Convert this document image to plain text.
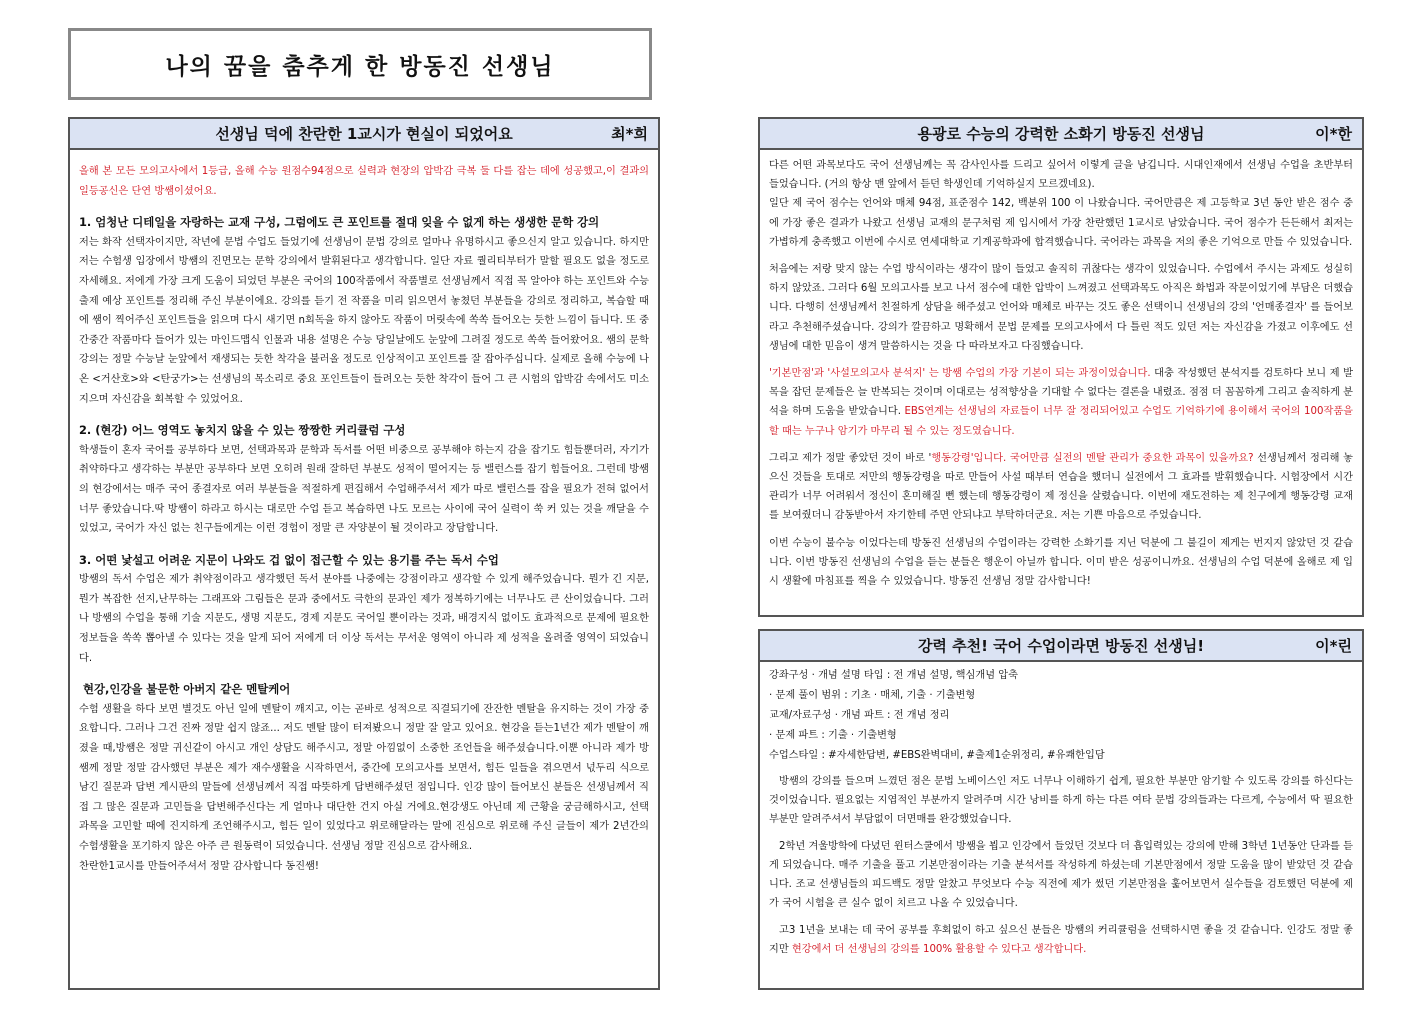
나의 꿈을 춤추게 한 방동진 선생님
선생님 덕에 찬란한 1교시가 현실이 되었어요	최*희

올해 본 모든 모의고사에서 1등급, 올해 수능 원점수94점으로 실력과 현장의 압박감 극복 둘 다를 잡는 데에 성공했고,이 결과의 일등공신은 단연 방쌤이셨어요.

1. 엄청난 디테일을 자랑하는 교재 구성, 그럼에도 큰 포인트를 절대 잊을 수 없게 하는 생생한 문학 강의

저는 화작 선택자이지만, 작년에 문법 수업도 들었기에 선생님이 문법 강의로 얼마나 유명하시고 좋으신지 알고 있습니다. 하지만 저는 수험생 입장에서 방쌤의 진면모는 문학 강의에서 발휘된다고 생각합니다. 일단 자료 퀄리티부터가 말할 필요도 없을 정도로 자세해요. 저에게 가장 크게 도움이 되었던 부분은 국어의 100작품에서 작품별로 선생님께서 직접 꼭 알아야 하는 포인트와 수능 출제 예상 포인트를 정리해 주신 부분이에요. 강의를 듣기 전 작품을 미리 읽으면서 놓쳤던 부분들을 강의로 정리하고, 복습할 때에 쌤이 찍어주신 포인트들을 읽으며 다시 새기면 n회독을 하지 않아도 작품이 머릿속에 쏙쏙 들어오는 듯한 느낌이 듭니다. 또 중간중간 작품마다 들어가 있는 마인드맵식 인물과 내용 설명은 수능 당일날에도 눈앞에 그려질 정도로 쏙쏙 들어왔어요. 쌤의 문학 강의는 정말 수능날 눈앞에서 재생되는 듯한 착각을 불러올 정도로 인상적이고 포인트를 잘 잡아주십니다. 실제로 올해 수능에 나온 <거산호>와 <탄궁가>는 선생님의 목소리로 중요 포인트들이 들려오는 듯한 착각이 들어 그 큰 시험의 압박감 속에서도 미소지으며 자신감을 회복할 수 있었어요.

2. (현강) 어느 영역도 놓치지 않을 수 있는 짱짱한 커리큘럼 구성

학생들이 혼자 국어를 공부하다 보면, 선택과목과 문학과 독서를 어떤 비중으로 공부해야 하는지 감을 잡기도 힘들뿐더러, 자기가 취약하다고 생각하는 부분만 공부하다 보면 오히려 원래 잘하던 부분도 성적이 떨어지는 등 밸런스를 잡기 힘들어요. 그런데 방쌤의 현강에서는 매주 국어 종결자로 여러 부분들을 적절하게 편집해서 수업해주셔서 제가 따로 밸런스를 잡을 필요가 전혀 없어서 너무 좋았습니다.딱 방쌤이 하라고 하시는 대로만 수업 듣고 복습하면 나도 모르는 사이에 국어 실력이 쑥 커 있는 것을 깨달을 수 있었고, 국어가 자신 없는 친구들에게는 이런 경험이 정말 큰 자양분이 될 것이라고 장담합니다.

3. 어떤 낯설고 어려운 지문이 나와도 겁 없이 접근할 수 있는 용기를 주는 독서 수업

방쌤의 독서 수업은 제가 취약점이라고 생각했던 독서 분야를 나중에는 강점이라고 생각할 수 있게 해주었습니다. 뭔가 긴 지문,뭔가 복잡한 선지,난무하는 그래프와 그림들은 문과 중에서도 극한의 문과인 제가 정복하기에는 너무나도 큰 산이었습니다. 그러나 방쌤의 수업을 통해 기술 지문도, 생명 지문도, 경제 지문도 국어일 뿐이라는 것과, 배경지식 없이도 효과적으로 문제에 필요한 정보들을 쏙쏙 뽑아낼 수 있다는 것을 알게 되어 저에게 더 이상 독서는 무서운 영역이 아니라 제 성적을 올려줄 영역이 되었습니다.

현강,인강을 불문한 아버지 같은 멘탈케어

수험 생활을 하다 보면 별것도 아닌 일에 멘탈이 깨지고, 이는 곧바로 성적으로 직결되기에 잔잔한 멘탈을 유지하는 것이 가장 중요합니다. 그러나 그건 진짜 정말 쉽지 않죠... 저도 멘탈 많이 터져봤으니 정말 잘 알고 있어요. 현강을 듣는1년간 제가 멘탈이 깨졌을 때,방쌤은 정말 귀신같이 아시고 개인 상담도 해주시고, 정말 아낌없이 소중한 조언들을 해주셨습니다.이뿐 아니라 제가 방쌤께 정말 정말 감사했던 부분은 제가 재수생활을 시작하면서, 중간에 모의고사를 보면서, 힘든 일들을 겪으면서 넋두리 식으로 남긴 질문과 답변 게시판의 말들에 선생님께서 직접 따뜻하게 답변해주셨던 점입니다. 인강 많이 들어보신 분들은 선생님께서 직접 그 많은 질문과 고민들을 답변해주신다는 게 얼마나 대단한 건지 아실 거에요.현강생도 아닌데 제 근황을 궁금해하시고, 선택과목을 고민할 때에 진지하게 조언해주시고, 힘든 일이 있었다고 위로해달라는 말에 진심으로 위로해 주신 글들이 제가 2년간의 수험생활을 포기하지 않은 아주 큰 원동력이 되었습니다. 선생님 정말 진심으로 감사해요.

찬란한1교시를 만들어주셔서 정말 감사합니다 동진쌤!

용광로 수능의 강력한 소화기 방동진 선생님	이*한

다른 어떤 과목보다도 국어 선생님께는 꼭 감사인사를 드리고 싶어서 이렇게 글을 남깁니다. 시대인재에서 선생님 수업을 초반부터 들었습니다. (거의 항상 맨 앞에서 듣던 학생인데 기억하실지 모르겠네요).

일단 제 국어 점수는 언어와 매체 94점, 표준점수 142, 백분위 100 이 나왔습니다. 국어만큼은 제 고등학교 3년 동안 받은 점수 중에 가장 좋은 결과가 나왔고 선생님 교재의 문구처럼 제 입시에서 가장 찬란했던 1교시로 남았습니다. 국어 점수가 든든해서 최저는 가볍하게 충족했고 이번에 수시로 연세대학교 기계공학과에 합격했습니다. 국어라는 과목을 저의 좋은 기억으로 만들 수 있었습니다.

처음에는 저랑 맞지 않는 수업 방식이라는 생각이 많이 들었고 솔직히 귀찮다는 생각이 있었습니다. 수업에서 주시는 과제도 성실히 하지 않았죠. 그러다 6월 모의고사를 보고 나서 점수에 대한 압박이 느껴졌고 선택과목도 아직은 화법과 작문이었기에 부담은 더했습니다. 다행히 선생님께서 친절하게 상담을 해주셨고 언어와 매체로 바꾸는 것도 좋은 선택이니 선생님의 강의 '언매종결자' 를 들어보라고 추천해주셨습니다. 강의가 깔끔하고 명확해서 문법 문제를 모의고사에서 다 틀린 적도 있던 저는 자신감을 가졌고 이후에도 선생님에 대한 믿음이 생겨 말씀하시는 것을 다 따라보자고 다짐했습니다.

'기본만점'과 '사설모의고사 분석지' 는 방쌤 수업의 가장 기본이 되는 과정이었습니다. 대충 작성했던 분석지를 검토하다 보니 제 발목을 잡던 문제들은 늘 반복되는 것이며 이대로는 성적향상을 기대할 수 없다는 결론을 내렸죠. 점점 더 꼼꼼하게 그리고 솔직하게 분석을 하며 도움을 받았습니다. EBS연계는 선생님의 자료들이 너무 잘 정리되어있고 수업도 기억하기에 용이해서 국어의 100작품을 할 때는 누구나 암기가 마무리 될 수 있는 정도였습니다.

그리고 제가 정말 좋았던 것이 바로 '행동강령'입니다. 국어만큼 실전의 멘탈 관리가 중요한 과목이 있을까요? 선생님께서 정리해 놓으신 것들을 토대로 저만의 행동강령을 따로 만들어 사설 때부터 연습을 했더니 실전에서 그 효과를 발휘했습니다. 시험장에서 시간관리가 너무 어려워서 정신이 혼미해질 뻔 했는데 행동강령이 제 정신을 살렸습니다. 이번에 재도전하는 제 친구에게 행동강령 교재를 보여줬더니 감동받아서 자기한테 주면 안되냐고 부탁하더군요. 저는 기쁜 마음으로 주었습니다.

이번 수능이 불수능 이었다는데 방동진 선생님의 수업이라는 강력한 소화기를 지닌 덕분에 그 불길이 제게는 번지지 않았던 것 같습니다. 이번 방동진 선생님의 수업을 듣는 분들은 행운이 아닐까 합니다. 이미 받은 성공이니까요. 선생님의 수업 덕분에 올해로 제 입시 생활에 마침표를 찍을 수 있었습니다. 방동진 선생님 정말 감사합니다!

강력 추천! 국어 수업이라면 방동진 선생님!	이*린
강좌구성 · 개념 설명 타입 : 전 개념 설명, 핵심개념 압축
· 문제 풀이 범위 : 기초 · 매체, 기출 · 기출변형
교재/자료구성 · 개념 파트 : 전 개념 정리
· 문제 파트 : 기출 · 기출변형
수업스타일 : #자세한답변, #EBS완벽대비, #출제1순위정리, #유쾌한입담

방쌤의 강의를 들으며 느꼈던 점은 문법 노베이스인 저도 너무나 이해하기 쉽게, 필요한 부분만 암기할 수 있도록 강의를 하신다는 것이었습니다. 필요없는 지엽적인 부분까지 알려주며 시간 낭비를 하게 하는 다른 여타 문법 강의들과는 다르게, 수능에서 딱 필요한 부분만 알려주셔서 부담없이 더면매를 완강했었습니다.

2학년 겨울방학에 다녔던 윈터스쿨에서 방쌤을 뵙고 인강에서 들었던 것보다 더 흡입력있는 강의에 반해 3학년 1년동안 단과를 듣게 되었습니다. 매주 기출을 풀고 기본만점이라는 기출 분석서를 작성하게 하셨는데 기본만점에서 정말 도움을 많이 받았던 것 같습니다. 조교 선생님들의 피드백도 정말 알찼고 무엇보다 수능 직전에 제가 썼던 기본만점을 훑어보면서 실수들을 검토했던 덕분에 제가 국어 시험을 큰 실수 없이 치르고 나올 수 있었습니다.

고3 1년을 보내는 데 국어 공부를 후회없이 하고 싶으신 분들은 방쌤의 커리큘럼을 선택하시면 좋을 것 같습니다. 인강도 정말 좋지만 현강에서 더 선생님의 강의를 100% 활용할 수 있다고 생각합니다.
